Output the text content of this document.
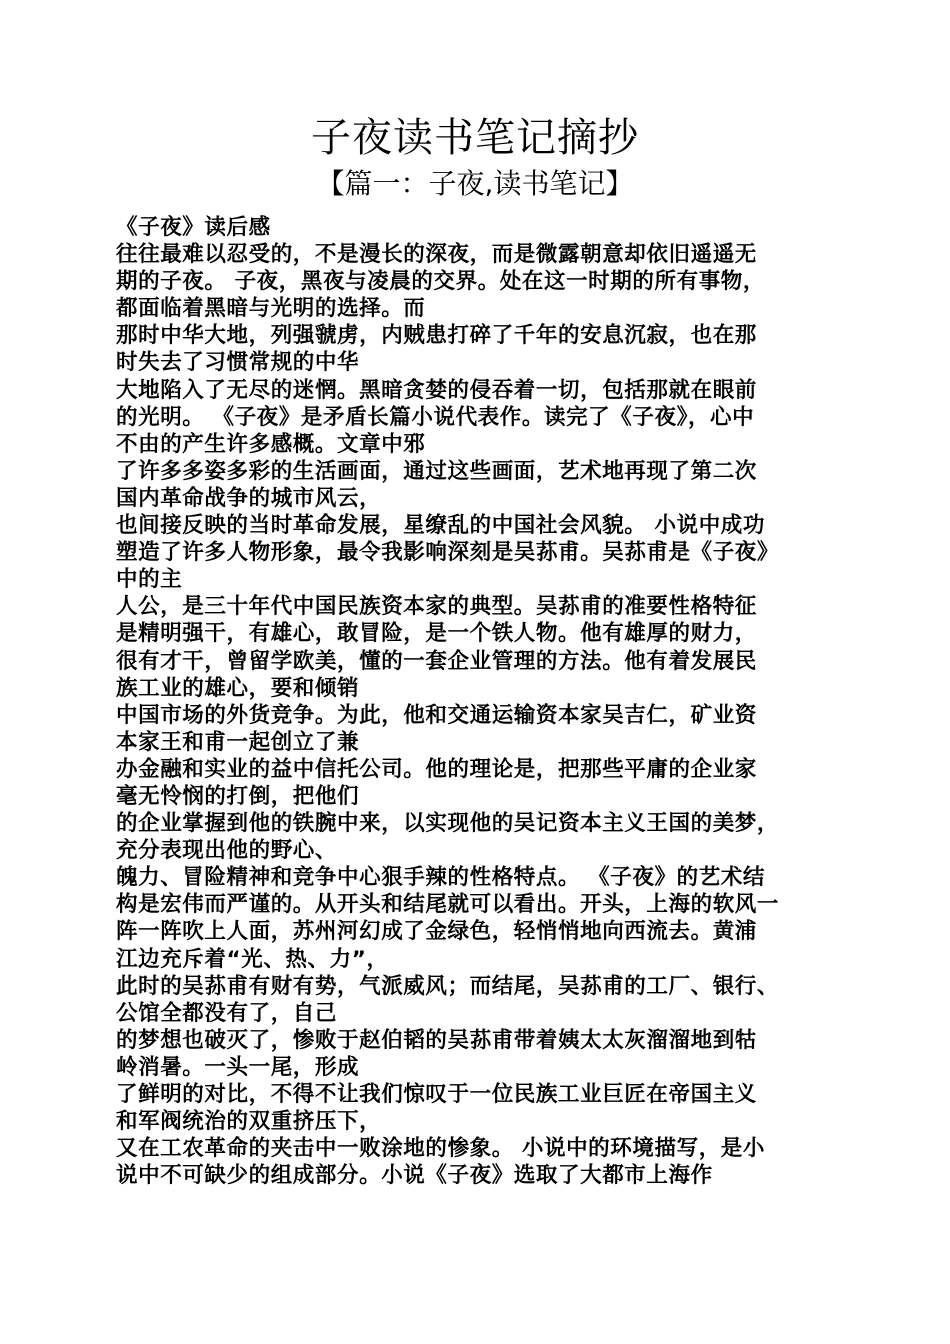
子夜读书笔记摘抄
【篇一：子夜,读书笔记】
《子夜》读后感
往往最难以忍受的，不是漫长的深夜，而是微露朝意却依旧遥遥无
期的子夜。 子夜，黑夜与凌晨的交界。处在这一时期的所有事物，
都面临着黑暗与光明的选择。而
那时中华大地，列强虢虏，内贼患打碎了千年的安息沉寂，也在那
时失去了习惯常规的中华
大地陷入了无尽的迷惘。黑暗贪婪的侵吞着一切，包括那就在眼前
的光明。 《子夜》是矛盾长篇小说代表作。读完了《子夜》，心中
不由的产生许多感概。文章中邪
了许多多姿多彩的生活画面，通过这些画面，艺术地再现了第二次
国内革命战争的城市风云，
也间接反映的当时革命发展，星缭乱的中国社会风貌。 小说中成功
塑造了许多人物形象，最令我影响深刻是吴荪甫。吴荪甫是《子夜》
中的主
人公，是三十年代中国民族资本家的典型。吴荪甫的准要性格特征
是精明强干，有雄心，敢冒险，是一个铁人物。他有雄厚的财力，
很有才干，曾留学欧美，懂的一套企业管理的方法。他有着发展民
族工业的雄心，要和倾销
中国市场的外货竞争。为此，他和交通运输资本家吴吉仁，矿业资
本家王和甫一起创立了兼
办金融和实业的益中信托公司。他的理论是，把那些平庸的企业家
毫无怜悯的打倒，把他们
的企业掌握到他的铁腕中来，以实现他的吴记资本主义王国的美梦，
充分表现出他的野心、
魄力、冒险精神和竞争中心狠手辣的性格特点。 《子夜》的艺术结
构是宏伟而严谨的。从开头和结尾就可以看出。开头，上海的软风一
阵一阵吹上人面，苏州河幻成了金绿色，轻悄悄地向西流去。黄浦
江边充斥着“光、热、力”，
此时的吴荪甫有财有势，气派威风；而结尾，吴荪甫的工厂、银行、
公馆全都没有了，自己
的梦想也破灭了，惨败于赵伯韬的吴荪甫带着姨太太灰溜溜地到牯
岭消暑。一头一尾，形成
了鲜明的对比，不得不让我们惊叹于一位民族工业巨匠在帝国主义
和军阀统治的双重挤压下，
又在工农革命的夹击中一败涂地的惨象。 小说中的环境描写，是小
说中不可缺少的组成部分。小说《子夜》选取了大都市上海作
